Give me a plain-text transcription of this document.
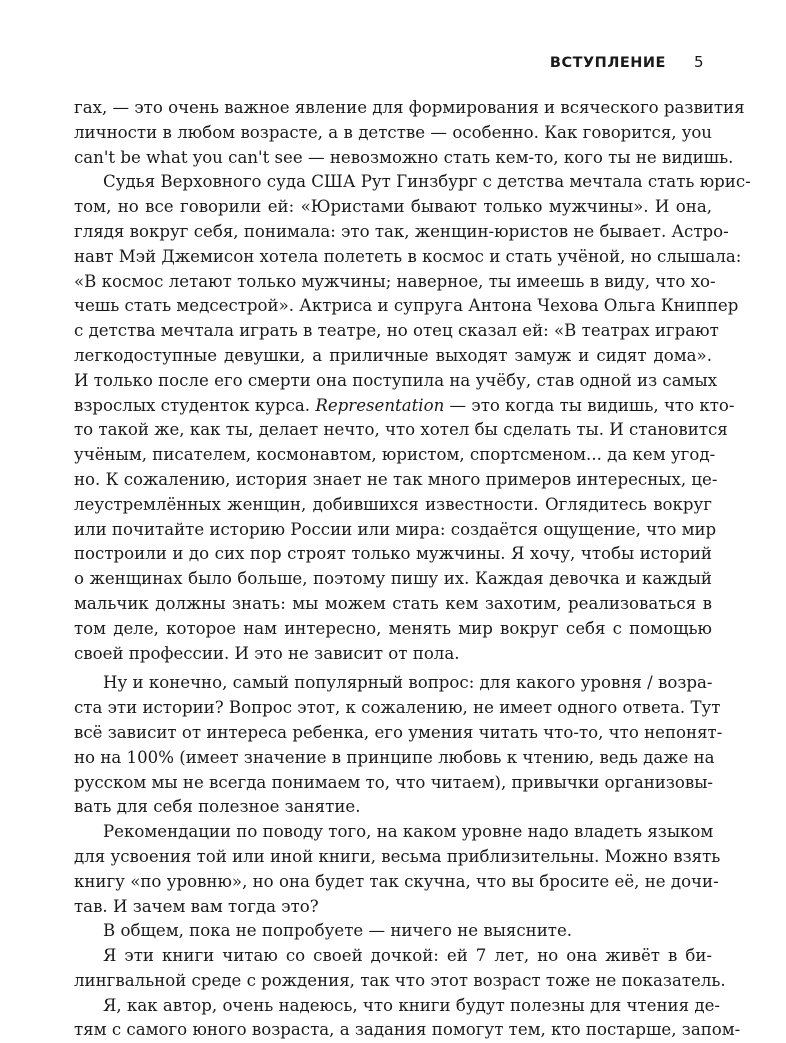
ВСТУПЛЕНИЕ 5
гах, — это очень важное явление для формирования и всяческого развития
личности в любом возрасте, а в детстве — особенно. Как говорится, you
can't be what you can't see — невозможно стать кем-то, кого ты не видишь.
Судья Верховного суда США Рут Гинзбург с детства мечтала стать юрис-
том, но все говорили ей: «Юристами бывают только мужчины». И она,
глядя вокруг себя, понимала: это так, женщин-юристов не бывает. Астро-
навт Мэй Джемисон хотела полететь в космос и стать учёной, но слышала:
«В космос летают только мужчины; наверное, ты имеешь в виду, что хо-
чешь стать медсестрой». Актриса и супруга Антона Чехова Ольга Книппер
с детства мечтала играть в театре, но отец сказал ей: «В театрах играют
легкодоступные девушки, а приличные выходят замуж и сидят дома».
И только после его смерти она поступила на учёбу, став одной из самых
взрослых студенток курса. Representation — это когда ты видишь, что кто-
то такой же, как ты, делает нечто, что хотел бы сделать ты. И становится
учёным, писателем, космонавтом, юристом, спортсменом... да кем угод-
но. К сожалению, история знает не так много примеров интересных, це-
леустремлённых женщин, добившихся известности. Оглядитесь вокруг
или почитайте историю России или мира: создаётся ощущение, что мир
построили и до сих пор строят только мужчины. Я хочу, чтобы историй
о женщинах было больше, поэтому пишу их. Каждая девочка и каждый
мальчик должны знать: мы можем стать кем захотим, реализоваться в
том деле, которое нам интересно, менять мир вокруг себя с помощью
своей профессии. И это не зависит от пола.
Ну и конечно, самый популярный вопрос: для какого уровня / возра-
ста эти истории? Вопрос этот, к сожалению, не имеет одного ответа. Тут
всё зависит от интереса ребенка, его умения читать что-то, что непонят-
но на 100% (имеет значение в принципе любовь к чтению, ведь даже на
русском мы не всегда понимаем то, что читаем), привычки организовы-
вать для себя полезное занятие.
Рекомендации по поводу того, на каком уровне надо владеть языком
для усвоения той или иной книги, весьма приблизительны. Можно взять
книгу «по уровню», но она будет так скучна, что вы бросите её, не дочи-
тав. И зачем вам тогда это?
В общем, пока не попробуете — ничего не выясните.
Я эти книги читаю со своей дочкой: ей 7 лет, но она живёт в би-
лингвальной среде с рождения, так что этот возраст тоже не показатель.
Я, как автор, очень надеюсь, что книги будут полезны для чтения де-
тям с самого юного возраста, а задания помогут тем, кто постарше, запом-
